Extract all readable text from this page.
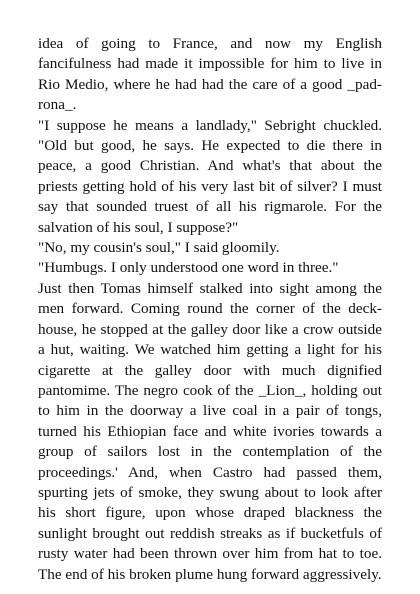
idea of going to France, and now my English fancifulness had made it impossible for him to live in Rio Medio, where he had had the care of a good _pad-rona_.

"I suppose he means a landlady," Sebright chuckled. "Old but good, he says. He expected to die there in peace, a good Christian. And what's that about the priests getting hold of his very last bit of silver? I must say that sounded truest of all his rigmarole. For the salvation of his soul, I suppose?"

"No, my cousin's soul," I said gloomily.

"Humbugs. I only understood one word in three."

Just then Tomas himself stalked into sight among the men forward. Coming round the corner of the deck-house, he stopped at the galley door like a crow outside a hut, waiting. We watched him getting a light for his cigarette at the galley door with much dignified pantomime. The negro cook of the _Lion_, holding out to him in the doorway a live coal in a pair of tongs, turned his Ethiopian face and white ivories towards a group of sailors lost in the contemplation of the proceedings.' And, when Castro had passed them, spurting jets of smoke, they swung about to look after his short figure, upon whose draped blackness the sunlight brought out reddish streaks as if bucketfuls of rusty water had been thrown over him from hat to toe. The end of his broken plume hung forward aggressively.
